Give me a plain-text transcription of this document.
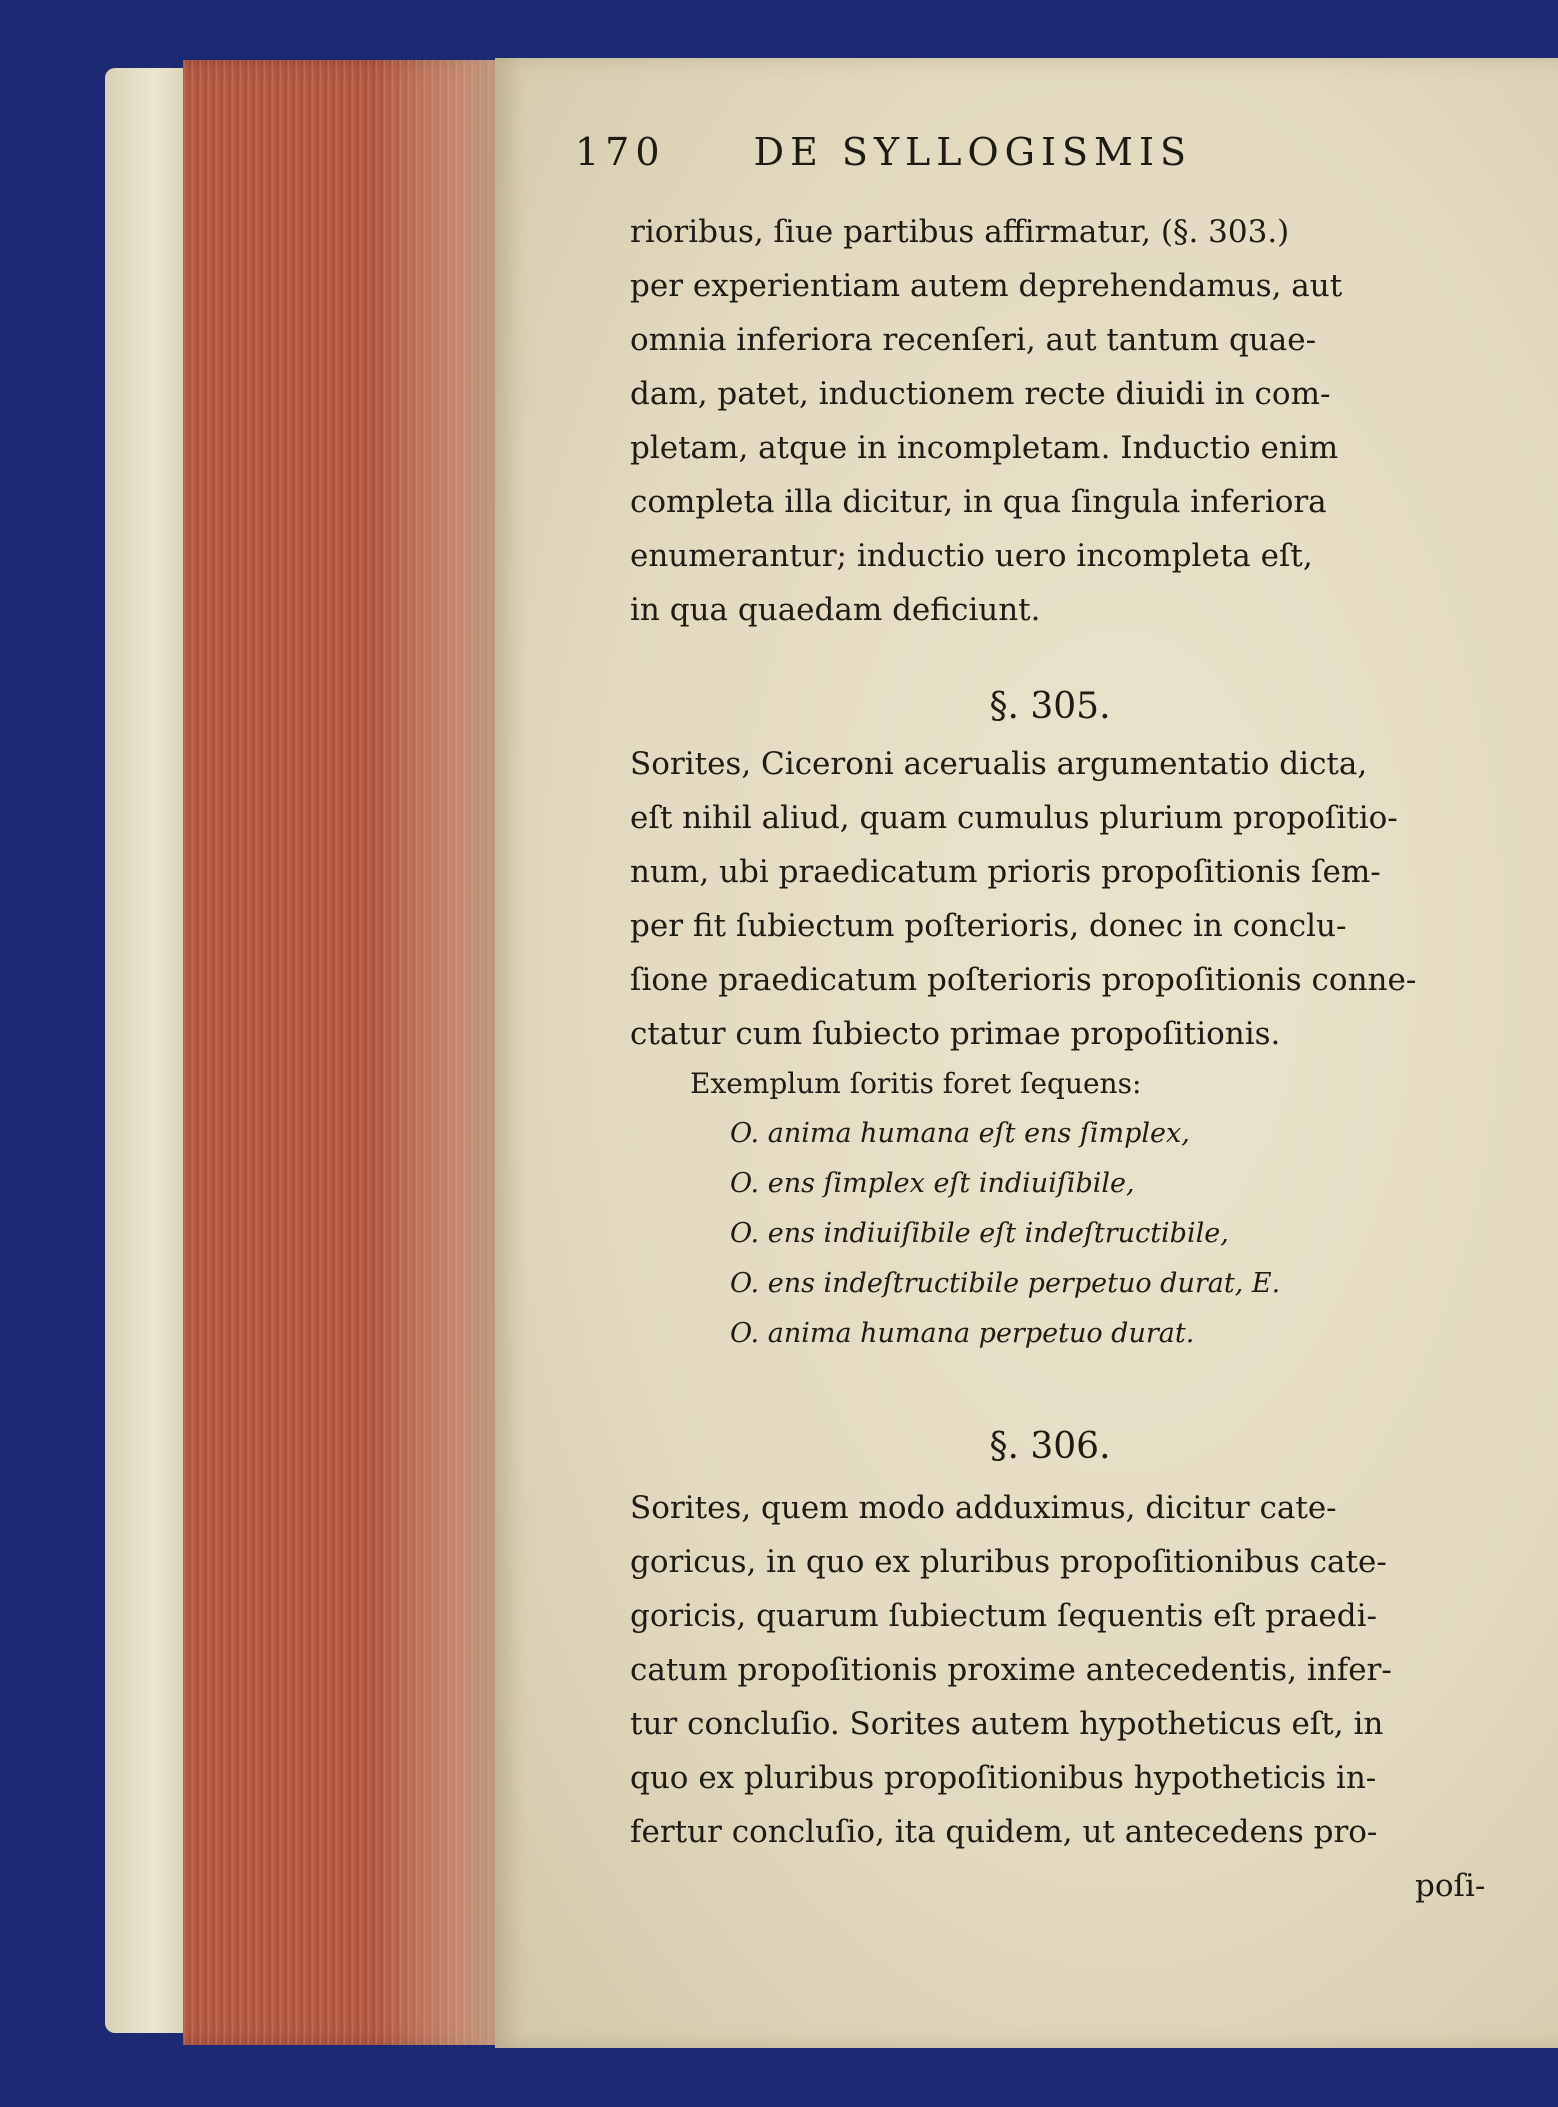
170 DE SYLLOGISMIS
rioribus, ſiue partibus affirmatur, (§. 303.)
per experientiam autem deprehendamus, aut
omnia inferiora recenſeri, aut tantum quae-
dam, patet, inductionem recte diuidi in com-
pletam, atque in incompletam. Inductio enim
completa illa dicitur, in qua ſingula inferiora
enumerantur; inductio uero incompleta eſt,
in qua quaedam deficiunt.
§. 305.
Sorites, Ciceroni acerualis argumentatio dicta,
eſt nihil aliud, quam cumulus plurium propoſitio-
num, ubi praedicatum prioris propoſitionis ſem-
per fit ſubiectum poſterioris, donec in conclu-
ſione praedicatum poſterioris propoſitionis conne-
ctatur cum ſubiecto primae propoſitionis.
Exemplum ſoritis foret ſequens:
O. anima humana eſt ens ſimplex,
O. ens ſimplex eſt indiuiſibile,
O. ens indiuiſibile eſt indeſtructibile,
O. ens indeſtructibile perpetuo durat, E.
O. anima humana perpetuo durat.
§. 306.
Sorites, quem modo adduximus, dicitur cate-
goricus, in quo ex pluribus propoſitionibus cate-
goricis, quarum ſubiectum ſequentis eſt praedi-
catum propoſitionis proxime antecedentis, infer-
tur concluſio. Sorites autem hypotheticus eſt, in
quo ex pluribus propoſitionibus hypotheticis in-
fertur concluſio, ita quidem, ut antecedens pro-
poſi-
